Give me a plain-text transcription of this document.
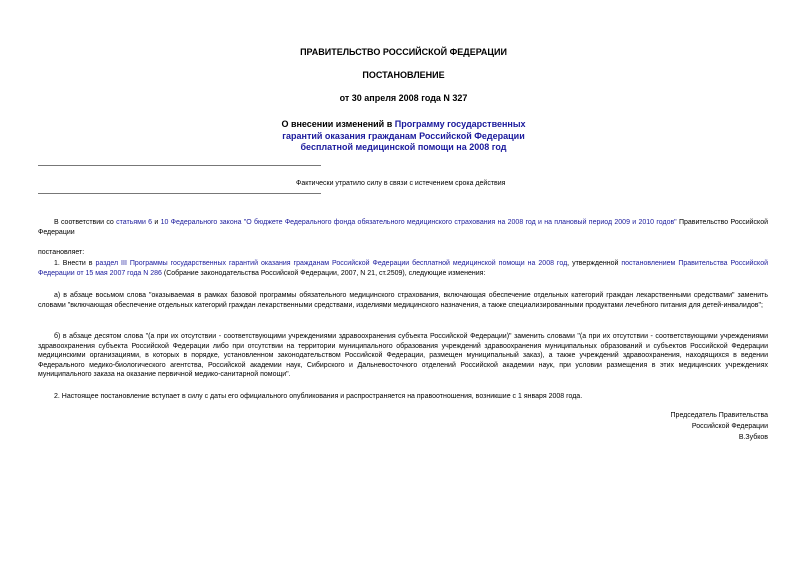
ПРАВИТЕЛЬСТВО РОССИЙСКОЙ ФЕДЕРАЦИИ
ПОСТАНОВЛЕНИЕ
от 30 апреля 2008 года N 327
О внесении изменений в Программу государственных
гарантий оказания гражданам Российской Федерации
бесплатной медицинской помощи на 2008 год
Фактически утратило силу в связи с истечением срока действия
В соответствии со статьями 6 и 10 Федерального закона "О бюджете Федерального фонда обязательного медицинского страхования на 2008 год и на плановый период 2009 и 2010 годов" Правительство Российской Федерации
постановляет:
1. Внести в раздел III Программы государственных гарантий оказания гражданам Российской Федерации бесплатной медицинской помощи на 2008 год, утвержденной постановлением Правительства Российской Федерации от 15 мая 2007 года N 286 (Собрание законодательства Российской Федерации, 2007, N 21, ст.2509), следующие изменения:
а) в абзаце восьмом слова "оказываемая в рамках базовой программы обязательного медицинского страхования, включающая обеспечение отдельных категорий граждан лекарственными средствами" заменить словами "включающая обеспечение отдельных категорий граждан лекарственными средствами, изделиями медицинского назначения, а также специализированными продуктами лечебного питания для детей-инвалидов";
б) в абзаце десятом слова "(а при их отсутствии - соответствующими учреждениями здравоохранения субъекта Российской Федерации)" заменить словами "(а при их отсутствии - соответствующими учреждениями здравоохранения субъекта Российской Федерации либо при отсутствии на территории муниципального образования учреждений здравоохранения муниципальных образований и субъектов Российской Федерации медицинскими организациями, в которых в порядке, установленном законодательством Российской Федерации, размещен муниципальный заказ), а также учреждений здравоохранения, находящихся в ведении Федерального медико-биологического агентства, Российской академии наук, Сибирского и Дальневосточного отделений Российской академии наук, при условии размещения в этих медицинских учреждениях муниципального заказа на оказание первичной медико-санитарной помощи".
2. Настоящее постановление вступает в силу с даты его официального опубликования и распространяется на правоотношения, возникшие с 1 января 2008 года.
Председатель Правительства
Российской Федерации
В.Зубков
